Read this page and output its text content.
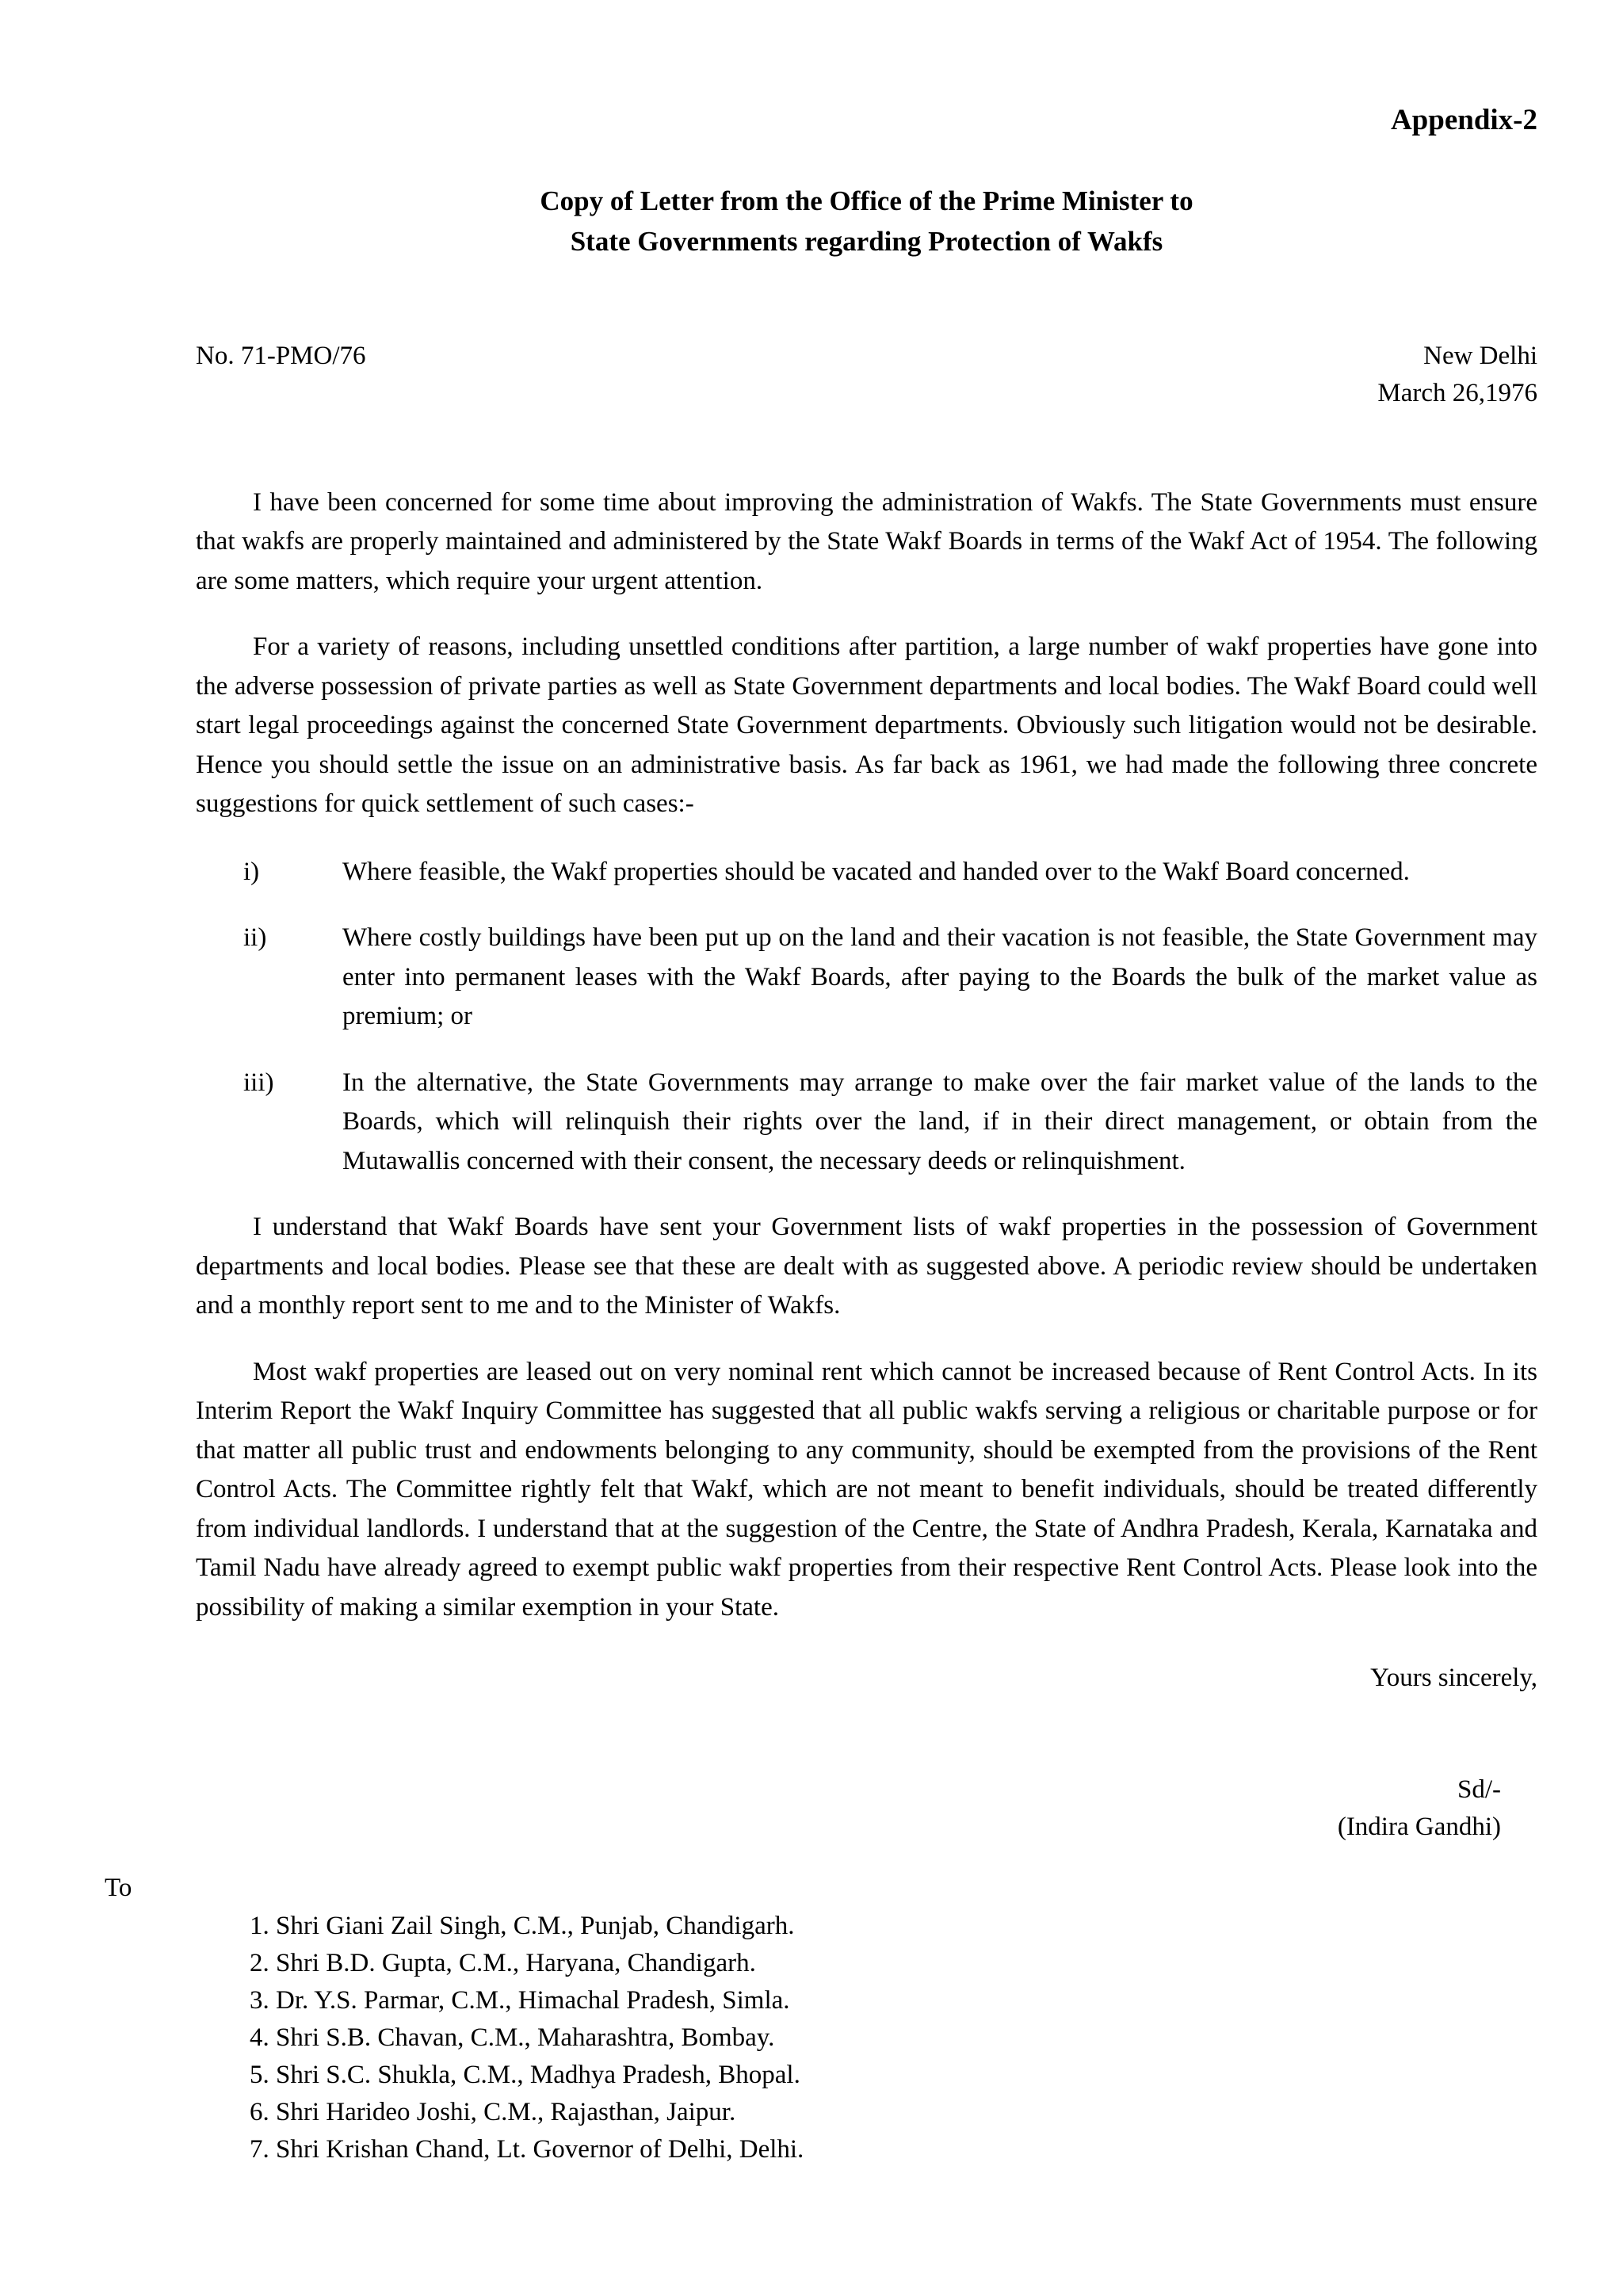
Appendix-2
Copy of Letter from the Office of the Prime Minister to
State Governments regarding Protection of Wakfs
No. 71-PMO/76	New Delhi
March 26,1976

I have been concerned for some time about improving the administration of Wakfs. The State Governments must ensure that wakfs are properly maintained and administered by the State Wakf Boards in terms of the Wakf Act of 1954. The following are some matters, which require your urgent attention.

For a variety of reasons, including unsettled conditions after partition, a large number of wakf properties have gone into the adverse possession of private parties as well as State Government departments and local bodies. The Wakf Board could well start legal proceedings against the concerned State Government departments. Obviously such litigation would not be desirable. Hence you should settle the issue on an administrative basis. As far back as 1961, we had made the following three concrete suggestions for quick settlement of such cases:-

i)	Where feasible, the Wakf properties should be vacated and handed over to the Wakf Board concerned.
ii)	Where costly buildings have been put up on the land and their vacation is not feasible, the State Government may enter into permanent leases with the Wakf Boards, after paying to the Boards the bulk of the market value as premium; or
iii)	In the alternative, the State Governments may arrange to make over the fair market value of the lands to the Boards, which will relinquish their rights over the land, if in their direct management, or obtain from the Mutawallis concerned with their consent, the necessary deeds or relinquishment.

I understand that Wakf Boards have sent your Government lists of wakf properties in the possession of Government departments and local bodies. Please see that these are dealt with as suggested above. A periodic review should be undertaken and a monthly report sent to me and to the Minister of Wakfs.

Most wakf properties are leased out on very nominal rent which cannot be increased because of Rent Control Acts. In its Interim Report the Wakf Inquiry Committee has suggested that all public wakfs serving a religious or charitable purpose or for that matter all public trust and endowments belonging to any community, should be exempted from the provisions of the Rent Control Acts. The Committee rightly felt that Wakf, which are not meant to benefit individuals, should be treated differently from individual landlords. I understand that at the suggestion of the Centre, the State of Andhra Pradesh, Kerala, Karnataka and Tamil Nadu have already agreed to exempt public wakf properties from their respective Rent Control Acts. Please look into the possibility of making a similar exemption in your State.

Yours sincerely,
Sd/-
(Indira Gandhi)
To
1. Shri Giani Zail Singh, C.M., Punjab, Chandigarh.
2. Shri B.D. Gupta, C.M., Haryana, Chandigarh.
3. Dr. Y.S. Parmar, C.M., Himachal Pradesh, Simla.
4. Shri S.B. Chavan, C.M., Maharashtra, Bombay.
5. Shri S.C. Shukla, C.M., Madhya Pradesh, Bhopal.
6. Shri Harideo Joshi, C.M., Rajasthan, Jaipur.
7. Shri Krishan Chand, Lt. Governor of Delhi, Delhi.
